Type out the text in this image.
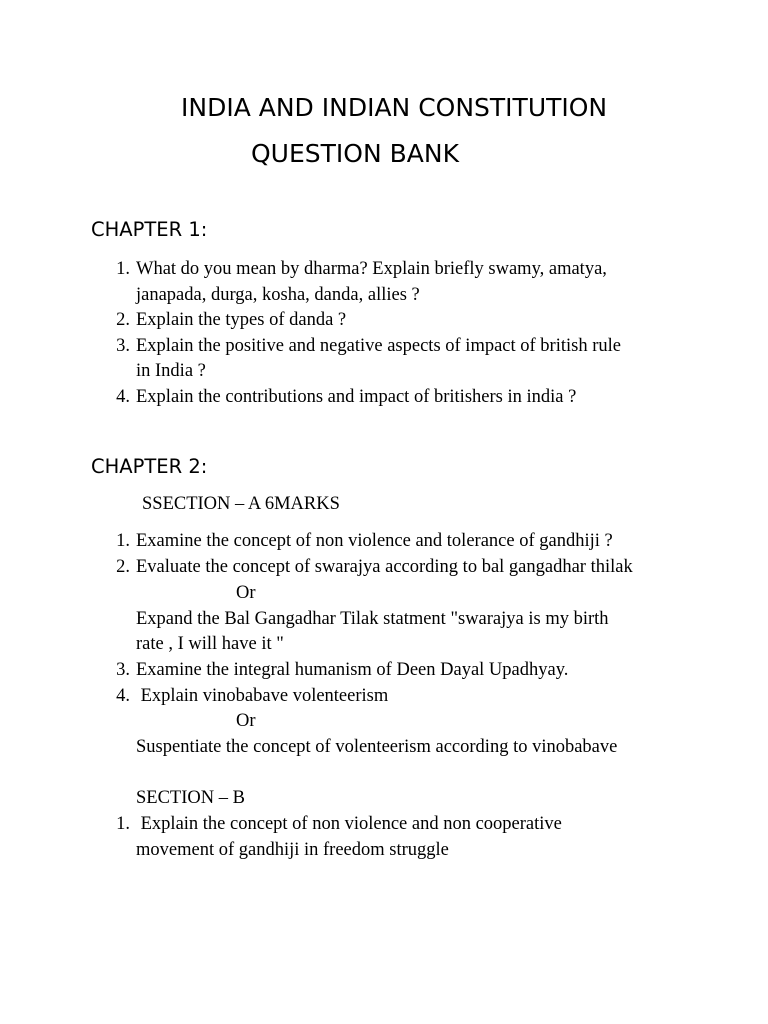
INDIA AND INDIAN CONSTITUTION
QUESTION BANK
CHAPTER 1:
1. What do you mean by dharma? Explain briefly swamy, amatya,
janapada, durga, kosha, danda, allies ?
2. Explain the types of danda ?
3. Explain the positive and negative aspects of impact of british rule
in India ?
4. Explain the contributions and impact of britishers in india ?
CHAPTER 2:
SSECTION – A 6MARKS
1. Examine the concept of non violence and tolerance of gandhiji ?
2. Evaluate the concept of swarajya according to bal gangadhar thilak
Or
Expand the Bal Gangadhar Tilak statment "swarajya is my birth
rate , I will have it "
3. Examine the integral humanism of Deen Dayal Upadhyay.
4. Explain vinobabave volenteerism
Or
Suspentiate the concept of volenteerism according to vinobabave
SECTION – B
1. Explain the concept of non violence and non cooperative
movement of gandhiji in freedom struggle
